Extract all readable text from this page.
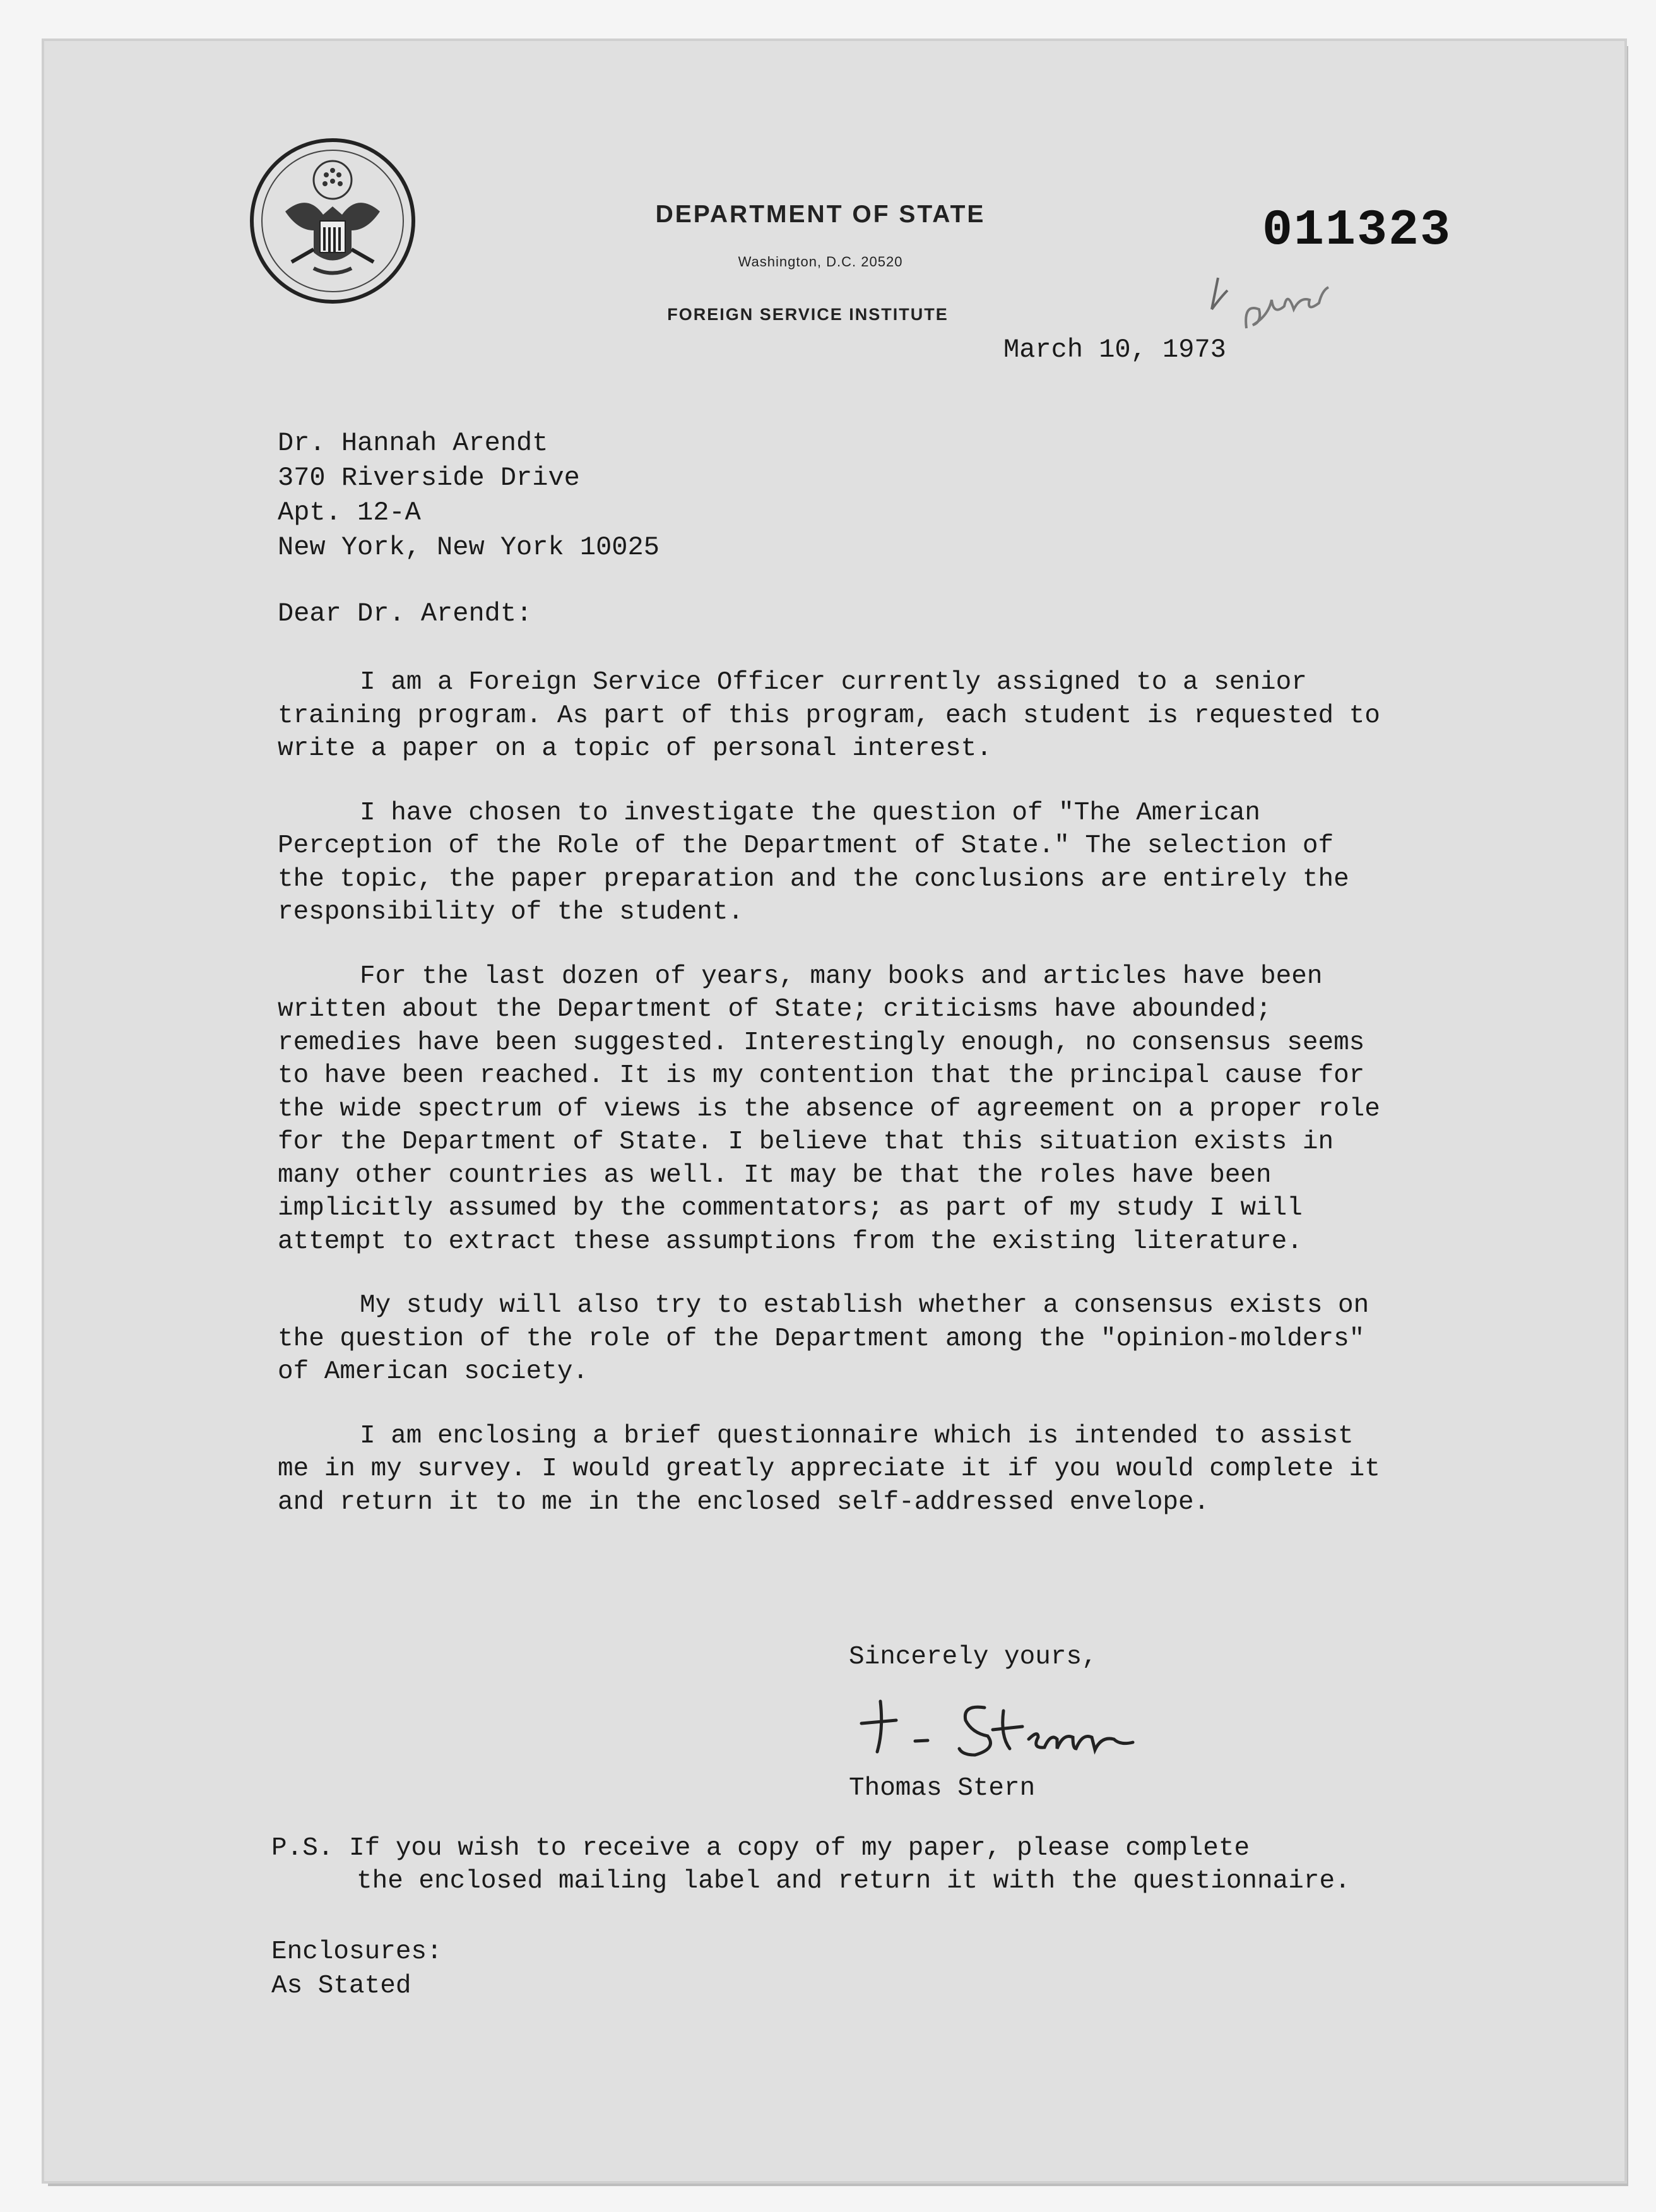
DEPARTMENT OF STATE
Washington, D.C. 20520
FOREIGN SERVICE INSTITUTE
011323
March 10, 1973
Dr. Hannah Arendt
370 Riverside Drive
Apt. 12-A
New York, New York 10025
Dear Dr. Arendt:

I am a Foreign Service Officer currently assigned to a senior training program. As part of this program, each student is requested to write a paper on a topic of personal interest.

I have chosen to investigate the question of "The American Perception of the Role of the Department of State." The selection of the topic, the paper preparation and the conclusions are entirely the responsibility of the student.

For the last dozen of years, many books and articles have been written about the Department of State; criticisms have abounded; remedies have been suggested. Interestingly enough, no consensus seems to have been reached. It is my contention that the principal cause for the wide spectrum of views is the absence of agreement on a proper role for the Department of State. I believe that this situation exists in many other countries as well. It may be that the roles have been implicitly assumed by the commentators; as part of my study I will attempt to extract these assumptions from the existing literature.

My study will also try to establish whether a consensus exists on the question of the role of the Department among the "opinion-molders" of American society.

I am enclosing a brief questionnaire which is intended to assist me in my survey. I would greatly appreciate it if you would complete it and return it to me in the enclosed self-addressed envelope.

Sincerely yours,
Thomas Stern
P.S. If you wish to receive a copy of my paper, please complete
the enclosed mailing label and return it with the questionnaire.
Enclosures:
As Stated
